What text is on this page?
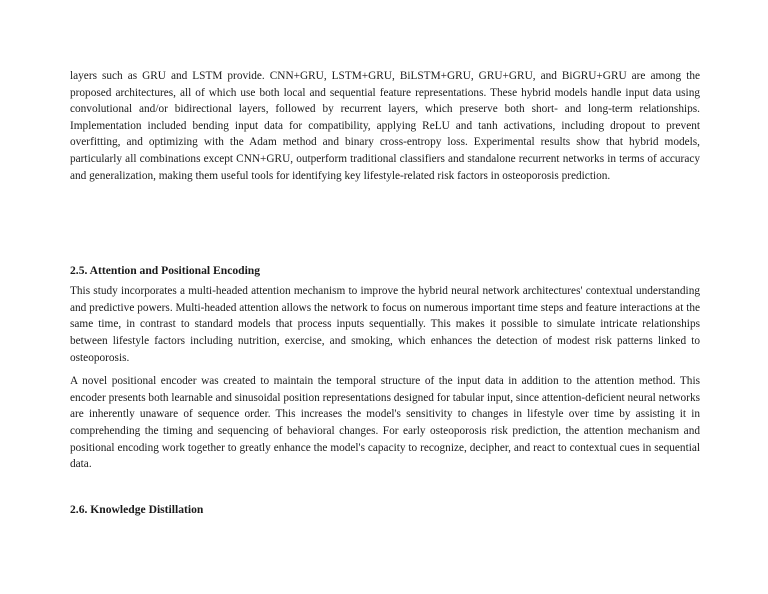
layers such as GRU and LSTM provide. CNN+GRU, LSTM+GRU, BiLSTM+GRU, GRU+GRU, and BiGRU+GRU are among the proposed architectures, all of which use both local and sequential feature representations. These hybrid models handle input data using convolutional and/or bidirectional layers, followed by recurrent layers, which preserve both short- and long-term relationships. Implementation included bending input data for compatibility, applying ReLU and tanh activations, including dropout to prevent overfitting, and optimizing with the Adam method and binary cross-entropy loss. Experimental results show that hybrid models, particularly all combinations except CNN+GRU, outperform traditional classifiers and standalone recurrent networks in terms of accuracy and generalization, making them useful tools for identifying key lifestyle-related risk factors in osteoporosis prediction.

2.5. Attention and Positional Encoding

This study incorporates a multi-headed attention mechanism to improve the hybrid neural network architectures' contextual understanding and predictive powers. Multi-headed attention allows the network to focus on numerous important time steps and feature interactions at the same time, in contrast to standard models that process inputs sequentially. This makes it possible to simulate intricate relationships between lifestyle factors including nutrition, exercise, and smoking, which enhances the detection of modest risk patterns linked to osteoporosis.

A novel positional encoder was created to maintain the temporal structure of the input data in addition to the attention method. This encoder presents both learnable and sinusoidal position representations designed for tabular input, since attention-deficient neural networks are inherently unaware of sequence order. This increases the model's sensitivity to changes in lifestyle over time by assisting it in comprehending the timing and sequencing of behavioral changes. For early osteoporosis risk prediction, the attention mechanism and positional encoding work together to greatly enhance the model's capacity to recognize, decipher, and react to contextual cues in sequential data.

2.6. Knowledge Distillation
